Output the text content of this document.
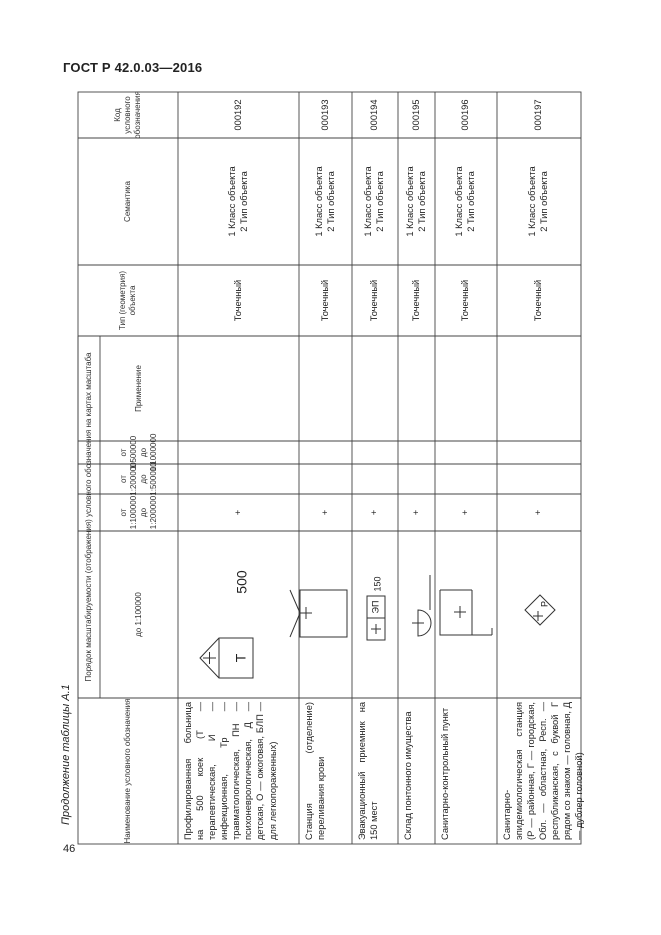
ГОСТ Р 42.0.03—2016
Продолжение таблицы А.1
46
Наименование условного обозначения
Порядок масштабируемости (отображения) условного обозначения на картах масштаба	до 1:100000
от 1:100000 до 1:200000
от 1:200000 до 1:500000
от 1:500000 до 1:1000000
Применение
Тип (геометрия) объекта
Семантика
Код условного обозначения
Профилированная больница на 500 коек (Т — терапевтическая, И — инфекционная, Тр — травматологическая, ПН — психоневрологическая, Д — детская, О — ожоговая, БЛП — для легкопораженных)
+
Точечный
1 Класс объекта 2 Тип объекта
000192
Станция (отделение) переливания крови
+
Точечный
1 Класс объекта 2 Тип объекта
000193
Эвакуационный приемник на 150 мест
+
Точечный
1 Класс объекта 2 Тип объекта
000194
Склад понтонного имущества
+
Точечный
1 Класс объекта 2 Тип объекта
000195
Санитарно-контрольный пункт
+
Точечный
1 Класс объекта 2 Тип объекта
000196
Санитарно-эпидемиологическая станция (Р — районная, Г — городская, Обл. — областная, Респ. — республиканская, с буквой Г рядом со знаком — головная, Д — дублер головной)
+
Точечный
1 Класс объекта 2 Тип объекта
000197
Т
500
ЭП
150
Р
